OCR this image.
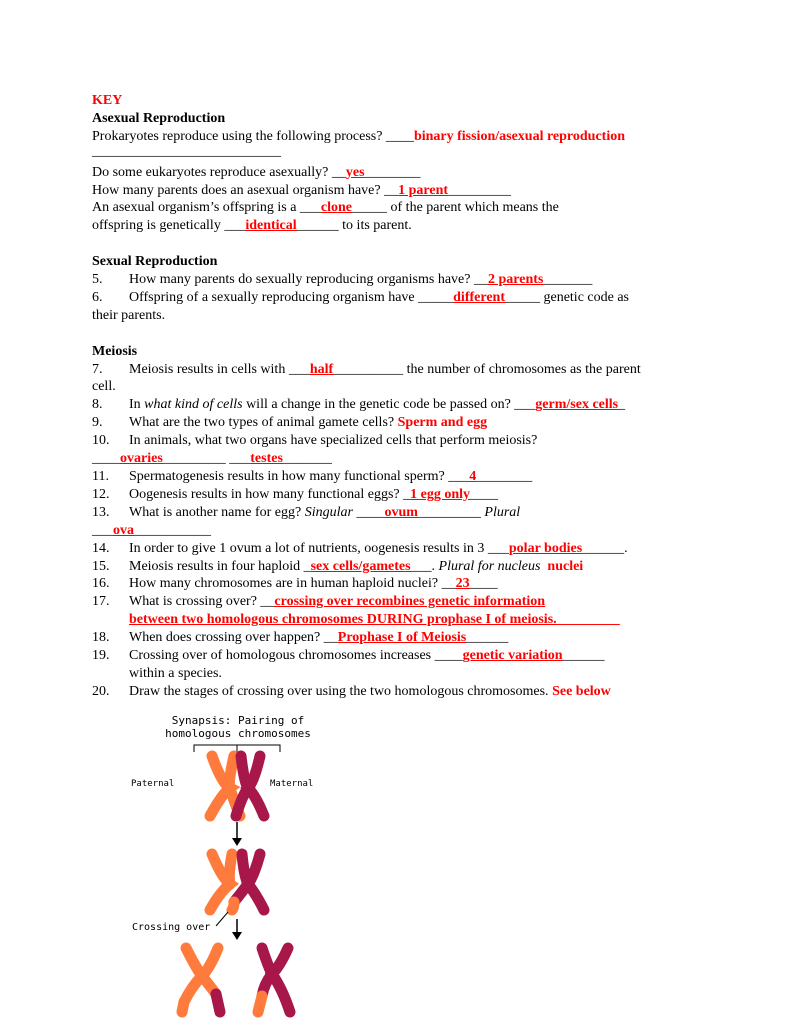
KEY
Asexual Reproduction
Prokaryotes reproduce using the following process? ____binary fission/asexual reproduction
___________________________
Do some eukaryotes reproduce asexually? __yes________
How many parents does an asexual organism have? __1 parent_________
An asexual organism’s offspring is a ___clone_____ of the parent which means the
offspring is genetically ___identical______ to its parent.
Sexual Reproduction
5. How many parents do sexually reproducing organisms have? __2 parents_______
6. Offspring of a sexually reproducing organism have _____different_____ genetic code as
their parents.
Meiosis
7. Meiosis results in cells with ___half__________ the number of chromosomes as the parent
cell.
8. In what kind of cells will a change in the genetic code be passed on? ___germ/sex cells_
9. What are the two types of animal gamete cells? Sperm and egg
10. In animals, what two organs have specialized cells that perform meiosis?
____ovaries_________ ___testes_______
11. Spermatogenesis results in how many functional sperm? ___4________
12. Oogenesis results in how many functional eggs? _1 egg only____
13. What is another name for egg? Singular ____ovum_________ Plural
___ova___________
14. In order to give 1 ovum a lot of nutrients, oogenesis results in 3 ___polar bodies______.
15. Meiosis results in four haploid _sex cells/gametes___. Plural for nucleus nuclei
16. How many chromosomes are in human haploid nuclei? __23____
17. What is crossing over? __crossing over recombines genetic information
between two homologous chromosomes DURING prophase I of meiosis._________
18. When does crossing over happen? __Prophase I of Meiosis______
19. Crossing over of homologous chromosomes increases ____genetic variation______
within a species.
20. Draw the stages of crossing over using the two homologous chromosomes. See below
Synapsis: Pairing of
homologous chromosomes
Paternal	Maternal
Crossing over
